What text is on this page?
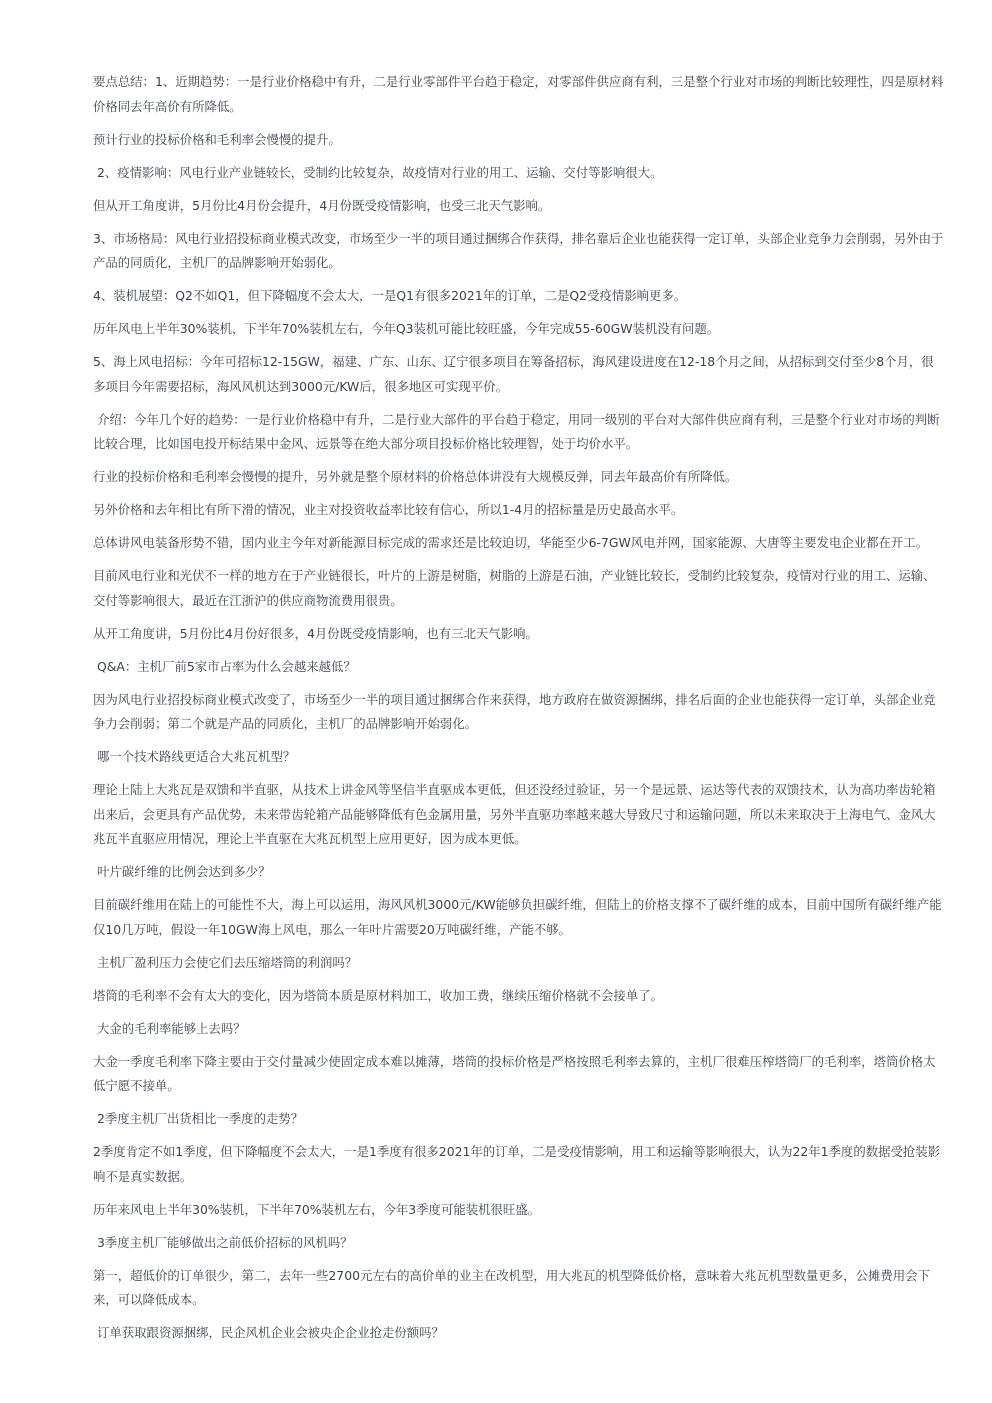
要点总结：1、近期趋势：一是行业价格稳中有升，二是行业零部件平台趋于稳定，对零部件供应商有利，三是整个行业对市场的判断比较理性，四是原材料价格同去年高价有所降低。

预计行业的投标价格和毛利率会慢慢的提升。

2、疫情影响：风电行业产业链较长，受制约比较复杂，故疫情对行业的用工、运输、交付等影响很大。

但从开工角度讲，5月份比4月份会提升，4月份既受疫情影响，也受三北天气影响。

3、市场格局：风电行业招投标商业模式改变，市场至少一半的项目通过捆绑合作获得，排名靠后企业也能获得一定订单，头部企业竞争力会削弱，另外由于产品的同质化，主机厂的品牌影响开始弱化。

4、装机展望：Q2不如Q1，但下降幅度不会太大，一是Q1有很多2021年的订单，二是Q2受疫情影响更多。

历年风电上半年30%装机，下半年70%装机左右，今年Q3装机可能比较旺盛，今年完成55-60GW装机没有问题。

5、海上风电招标：今年可招标12-15GW，福建、广东、山东、辽宁很多项目在筹备招标，海风建设进度在12-18个月之间，从招标到交付至少8个月，很多项目今年需要招标，海风风机达到3000元/KW后，很多地区可实现平价。

介绍：今年几个好的趋势：一是行业价格稳中有升，二是行业大部件的平台趋于稳定，用同一级别的平台对大部件供应商有利，三是整个行业对市场的判断比较合理，比如国电投开标结果中金风、远景等在绝大部分项目投标价格比较理智，处于均价水平。

行业的投标价格和毛利率会慢慢的提升，另外就是整个原材料的价格总体讲没有大规模反弹，同去年最高价有所降低。

另外价格和去年相比有所下滑的情况，业主对投资收益率比较有信心，所以1-4月的招标量是历史最高水平。

总体讲风电装备形势不错，国内业主今年对新能源目标完成的需求还是比较迫切，华能至少6-7GW风电并网，国家能源、大唐等主要发电企业都在开工。

目前风电行业和光伏不一样的地方在于产业链很长，叶片的上游是树脂，树脂的上游是石油，产业链比较长，受制约比较复杂，疫情对行业的用工、运输、交付等影响很大，最近在江浙沪的供应商物流费用很贵。

从开工角度讲，5月份比4月份好很多，4月份既受疫情影响，也有三北天气影响。

Q&A：主机厂前5家市占率为什么会越来越低？

因为风电行业招投标商业模式改变了，市场至少一半的项目通过捆绑合作来获得，地方政府在做资源捆绑，排名后面的企业也能获得一定订单，头部企业竞争力会削弱；第二个就是产品的同质化，主机厂的品牌影响开始弱化。

哪一个技术路线更适合大兆瓦机型？

理论上陆上大兆瓦是双馈和半直驱，从技术上讲金风等坚信半直驱成本更低，但还没经过验证，另一个是远景、运达等代表的双馈技术，认为高功率齿轮箱出来后，会更具有产品优势，未来带齿轮箱产品能够降低有色金属用量，另外半直驱功率越来越大导致尺寸和运输问题，所以未来取决于上海电气、金风大兆瓦半直驱应用情况，理论上半直驱在大兆瓦机型上应用更好，因为成本更低。

叶片碳纤维的比例会达到多少？

目前碳纤维用在陆上的可能性不大，海上可以运用，海风风机3000元/KW能够负担碳纤维，但陆上的价格支撑不了碳纤维的成本，目前中国所有碳纤维产能仅10几万吨，假设一年10GW海上风电，那么一年叶片需要20万吨碳纤维，产能不够。

主机厂盈利压力会使它们去压缩塔筒的利润吗？

塔筒的毛利率不会有太大的变化，因为塔筒本质是原材料加工，收加工费，继续压缩价格就不会接单了。

大金的毛利率能够上去吗？

大金一季度毛利率下降主要由于交付量减少使固定成本难以摊薄，塔筒的投标价格是严格按照毛利率去算的，主机厂很难压榨塔筒厂的毛利率，塔筒价格太低宁愿不接单。

2季度主机厂出货相比一季度的走势？

2季度肯定不如1季度，但下降幅度不会太大，一是1季度有很多2021年的订单，二是受疫情影响，用工和运输等影响很大，认为22年1季度的数据受抢装影响不是真实数据。

历年来风电上半年30%装机，下半年70%装机左右，今年3季度可能装机很旺盛。

3季度主机厂能够做出之前低价招标的风机吗？

第一，超低价的订单很少，第二，去年一些2700元左右的高价单的业主在改机型，用大兆瓦的机型降低价格，意味着大兆瓦机型数量更多，公摊费用会下来，可以降低成本。

订单获取跟资源捆绑，民企风机企业会被央企企业抢走份额吗？
